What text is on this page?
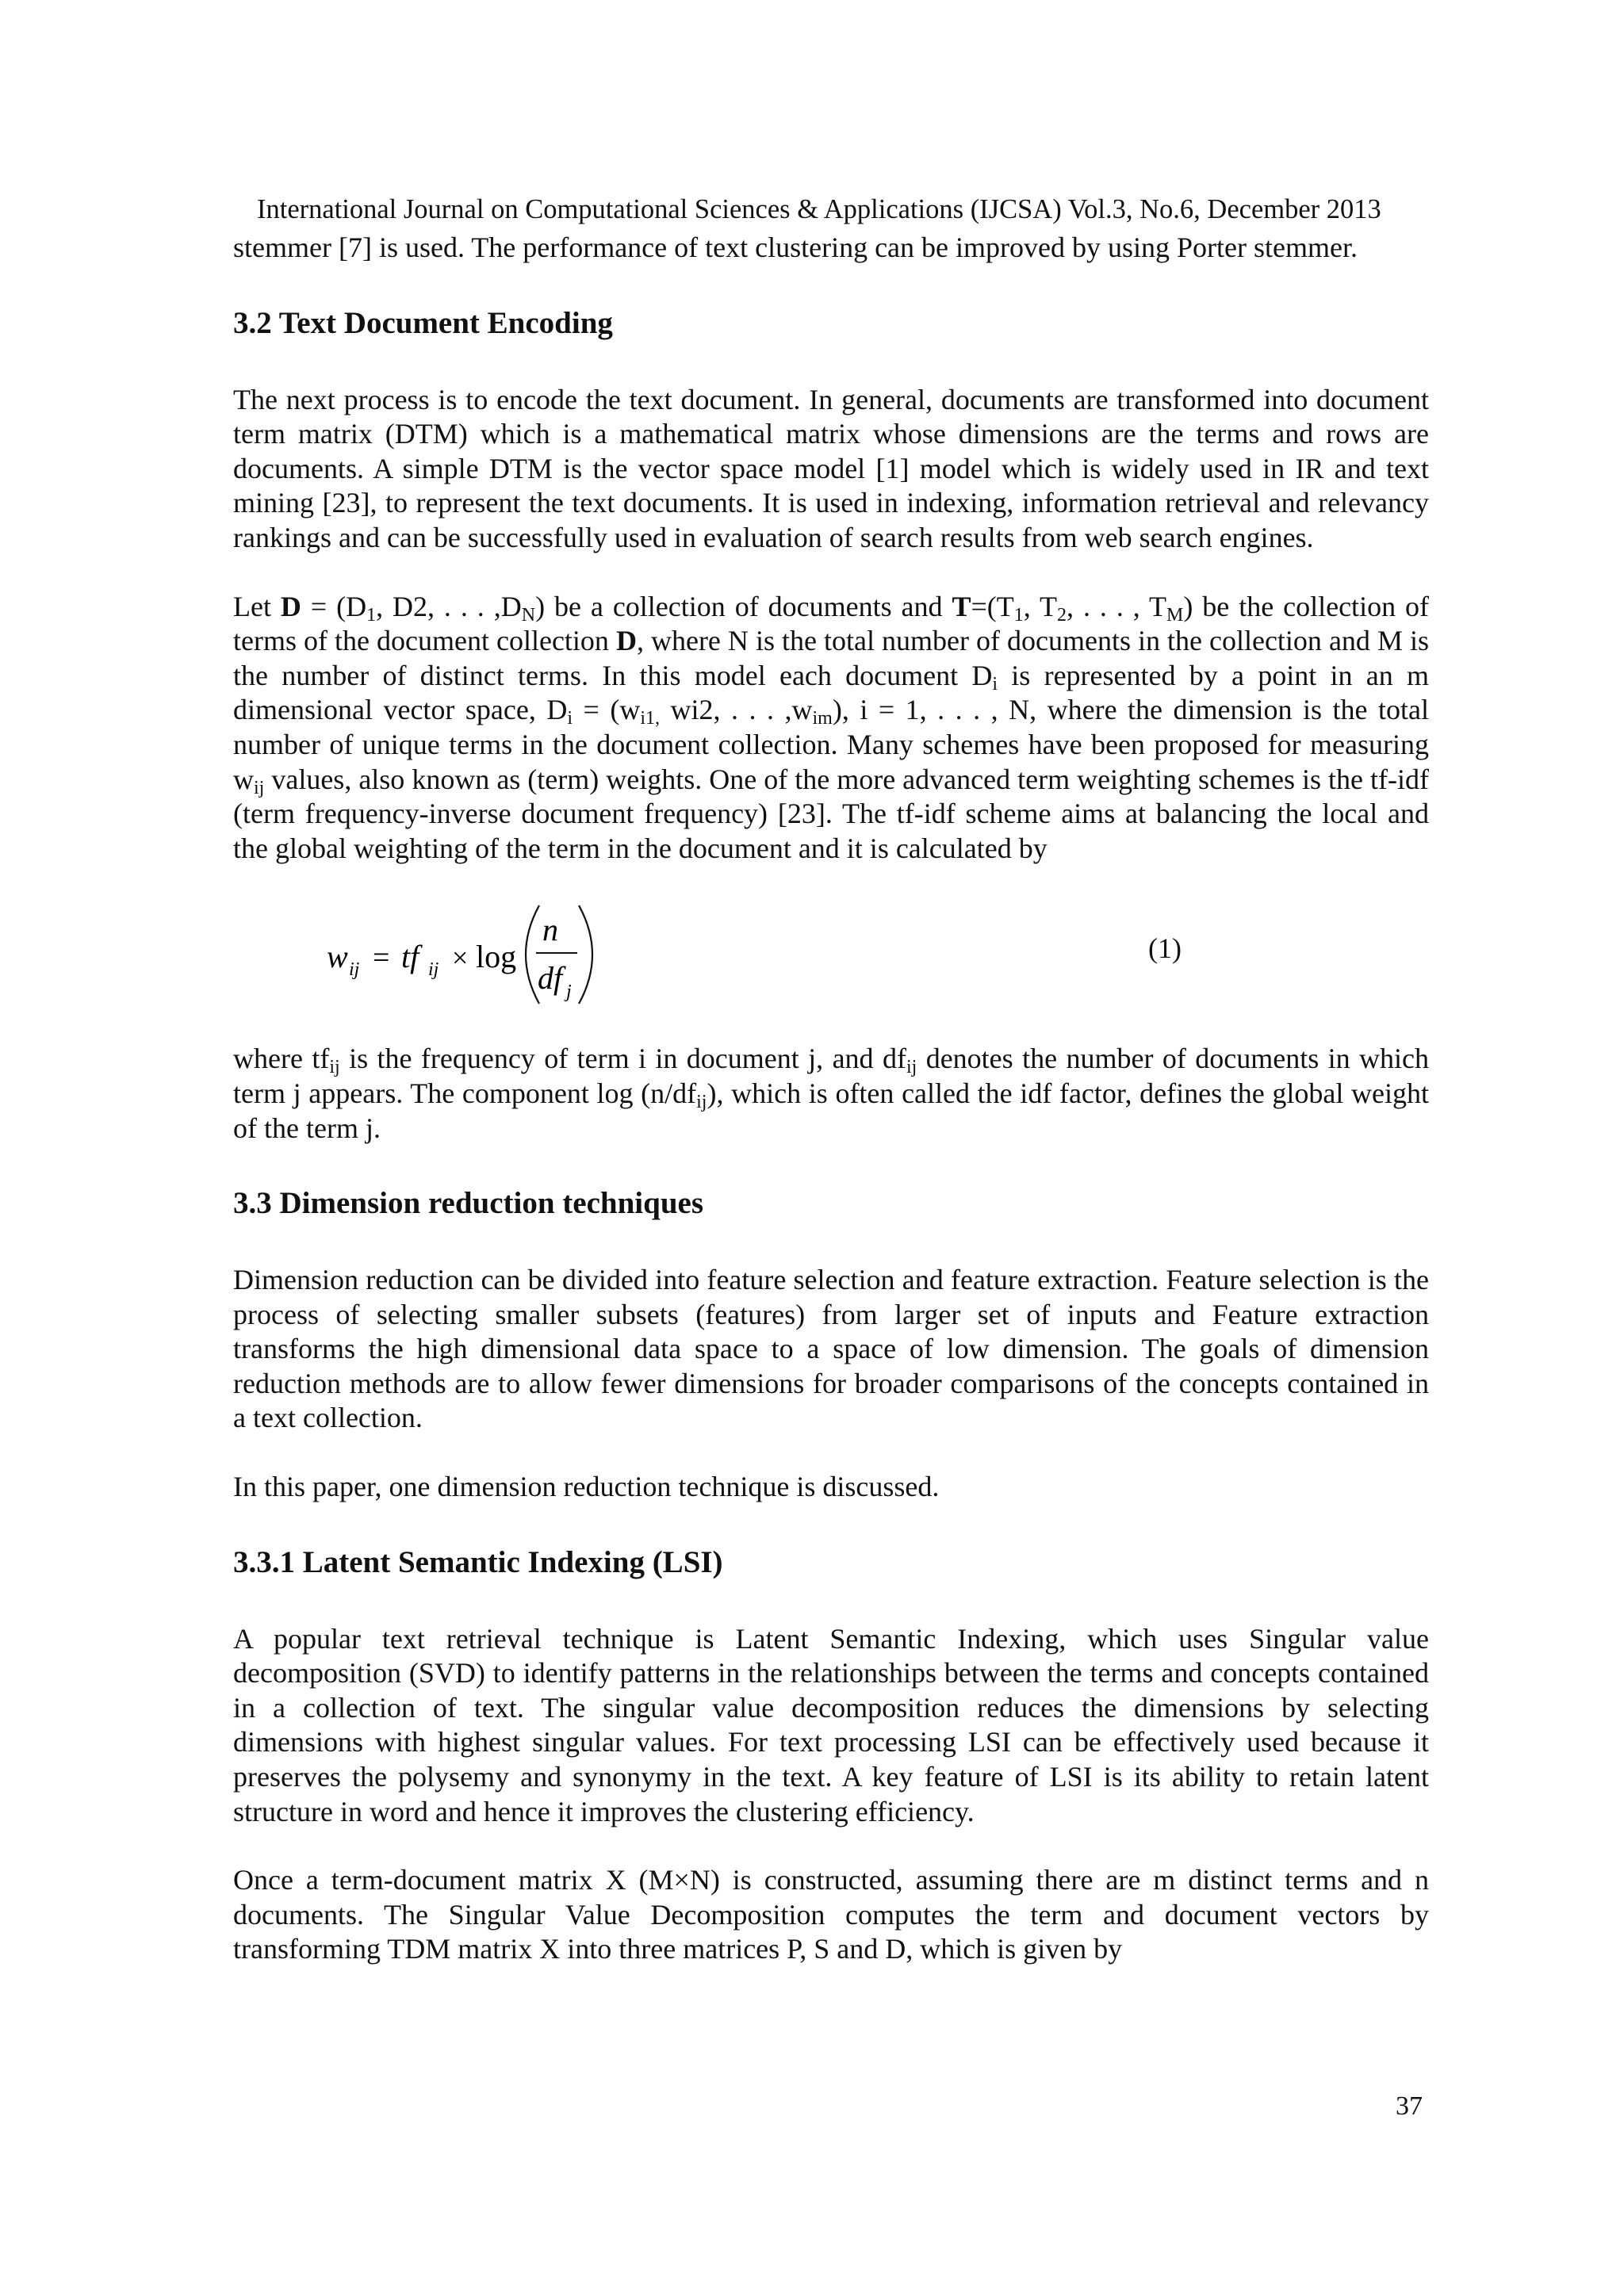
International Journal on Computational Sciences & Applications (IJCSA) Vol.3, No.6, December 2013

stemmer [7] is used. The performance of text clustering can be improved by using Porter stemmer.

3.2 Text Document Encoding

The next process is to encode the text document. In general, documents are transformed into document term matrix (DTM) which is a mathematical matrix whose dimensions are the terms and rows are documents. A simple DTM is the vector space model [1] model which is widely used in IR and text mining [23], to represent the text documents. It is used in indexing, information retrieval and relevancy rankings and can be successfully used in evaluation of search results from web search engines.

Let $D = (D_1$, D2, . . . $,D_N$) be a collection of documents and $T=(T_1$, $T_2$, . . . , $T_M$) be the collection of terms of the document collection D, where N is the total number of documents in the collection and M is the number of distinct terms. In this model each document $D_i$ is represented by a point in an m dimensional vector space, $D_i = (w_{i1,}$ wi2, . . . $,w_{im}$), i = 1, . . . , N, where the dimension is the total number of unique terms in the document collection. Many schemes have been proposed for measuring $w_{ij}$ values, also known as (term) weights. One of the more advanced term weighting schemes is the tf-idf (term frequency-inverse document frequency) [23]. The tf-idf scheme aims at balancing the local and the global weighting of the term in the document and it is calculated by

w ij = tf ij × log
n
df j
(1)

where $tf_{ij}$ is the frequency of term i in document j, and $df_{ij}$ denotes the number of documents in which term j appears. The component $\log (n/df_{ij})$, which is often called the idf factor, defines the global weight of the term j.

3.3 Dimension reduction techniques

Dimension reduction can be divided into feature selection and feature extraction. Feature selection is the process of selecting smaller subsets (features) from larger set of inputs and Feature extraction transforms the high dimensional data space to a space of low dimension. The goals of dimension reduction methods are to allow fewer dimensions for broader comparisons of the concepts contained in a text collection.

In this paper, one dimension reduction technique is discussed.

3.3.1 Latent Semantic Indexing (LSI)

A popular text retrieval technique is Latent Semantic Indexing, which uses Singular value decomposition (SVD) to identify patterns in the relationships between the terms and concepts contained in a collection of text. The singular value decomposition reduces the dimensions by selecting dimensions with highest singular values. For text processing LSI can be effectively used because it preserves the polysemy and synonymy in the text. A key feature of LSI is its ability to retain latent structure in word and hence it improves the clustering efficiency.

Once a term-document matrix X (M×N) is constructed, assuming there are m distinct terms and n documents. The Singular Value Decomposition computes the term and document vectors by transforming TDM matrix X into three matrices P, S and D, which is given by

37
